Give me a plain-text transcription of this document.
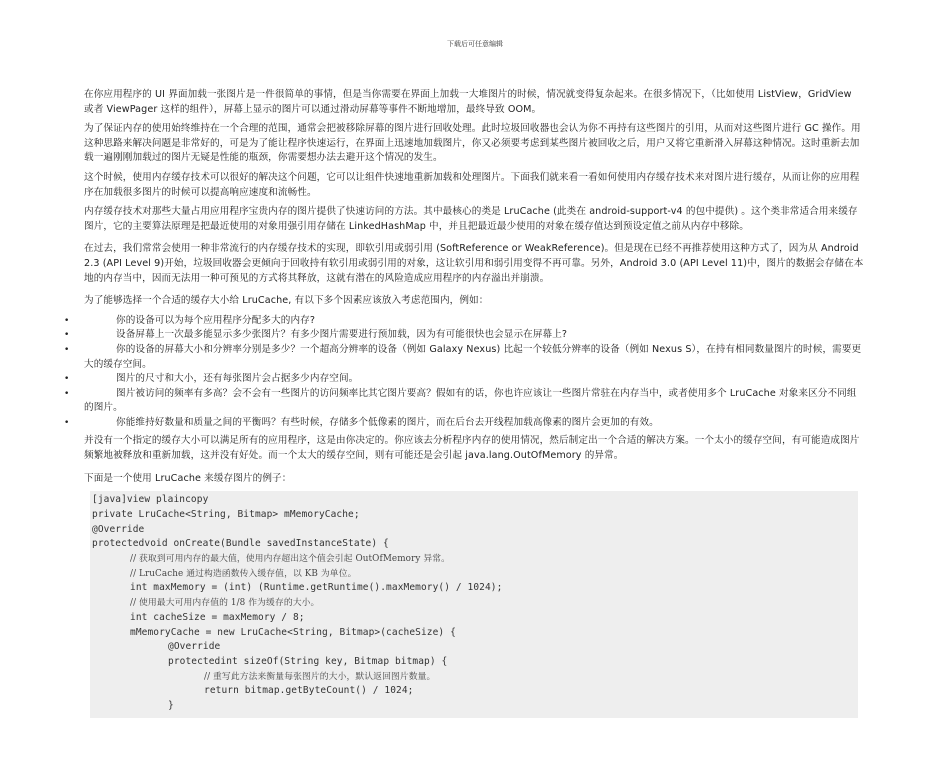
下载后可任意编辑

在你应用程序的 UI 界面加载一张图片是一件很简单的事情，但是当你需要在界面上加载一大堆图片的时候，情况就变得复杂起来。在很多情况下，（比如使用 ListView，GridView 或者 ViewPager 这样的组件），屏幕上显示的图片可以通过滑动屏幕等事件不断地增加，最终导致 OOM。

为了保证内存的使用始终维持在一个合理的范围，通常会把被移除屏幕的图片进行回收处理。此时垃圾回收器也会认为你不再持有这些图片的引用，从而对这些图片进行 GC 操作。用这种思路来解决问题是非常好的，可是为了能让程序快速运行，在界面上迅速地加载图片，你又必须要考虑到某些图片被回收之后，用户又将它重新滑入屏幕这种情况。这时重新去加载一遍刚刚加载过的图片无疑是性能的瓶颈，你需要想办法去避开这个情况的发生。

这个时候，使用内存缓存技术可以很好的解决这个问题，它可以让组件快速地重新加载和处理图片。下面我们就来看一看如何使用内存缓存技术来对图片进行缓存，从而让你的应用程序在加载很多图片的时候可以提高响应速度和流畅性。

内存缓存技术对那些大量占用应用程序宝贵内存的图片提供了快速访问的方法。其中最核心的类是 LruCache (此类在 android-support-v4 的包中提供) 。这个类非常适合用来缓存图片，它的主要算法原理是把最近使用的对象用强引用存储在 LinkedHashMap 中，并且把最近最少使用的对象在缓存值达到预设定值之前从内存中移除。

在过去，我们常常会使用一种非常流行的内存缓存技术的实现，即软引用或弱引用 (SoftReference or WeakReference)。但是现在已经不再推荐使用这种方式了，因为从 Android 2.3 (API Level 9)开始，垃圾回收器会更倾向于回收持有软引用或弱引用的对象，这让软引用和弱引用变得不再可靠。另外，Android 3.0 (API Level 11)中，图片的数据会存储在本地的内存当中，因而无法用一种可预见的方式将其释放，这就有潜在的风险造成应用程序的内存溢出并崩溃。

为了能够选择一个合适的缓存大小给 LruCache, 有以下多个因素应该放入考虑范围内，例如：

• 你的设备可以为每个应用程序分配多大的内存?
• 设备屏幕上一次最多能显示多少张图片？有多少图片需要进行预加载，因为有可能很快也会显示在屏幕上?
• 你的设备的屏幕大小和分辨率分别是多少？一个超高分辨率的设备（例如 Galaxy Nexus) 比起一个较低分辨率的设备（例如 Nexus S），在持有相同数量图片的时候，需要更大的缓存空间。
• 图片的尺寸和大小，还有每张图片会占据多少内存空间。
• 图片被访问的频率有多高？会不会有一些图片的访问频率比其它图片要高？假如有的话，你也许应该让一些图片常驻在内存当中，或者使用多个 LruCache 对象来区分不同组的图片。
• 你能维持好数量和质量之间的平衡吗？有些时候，存储多个低像素的图片，而在后台去开线程加载高像素的图片会更加的有效。

并没有一个指定的缓存大小可以满足所有的应用程序，这是由你决定的。你应该去分析程序内存的使用情况，然后制定出一个合适的解决方案。一个太小的缓存空间，有可能造成图片频繁地被释放和重新加载，这并没有好处。而一个太大的缓存空间，则有可能还是会引起 java.lang.OutOfMemory 的异常。

下面是一个使用 LruCache 来缓存图片的例子：

[java]view plaincopy
private LruCache<String, Bitmap> mMemoryCache;
@Override
protectedvoid onCreate(Bundle savedInstanceState) {
// 获取到可用内存的最大值，使用内存超出这个值会引起 OutOfMemory 异常。
// LruCache 通过构造函数传入缓存值，以 KB 为单位。
int maxMemory = (int) (Runtime.getRuntime().maxMemory() / 1024);
// 使用最大可用内存值的 1/8 作为缓存的大小。
int cacheSize = maxMemory / 8;
mMemoryCache = new LruCache<String, Bitmap>(cacheSize) {
@Override
protectedint sizeOf(String key, Bitmap bitmap) {
// 重写此方法来衡量每张图片的大小，默认返回图片数量。
return bitmap.getByteCount() / 1024;
}
